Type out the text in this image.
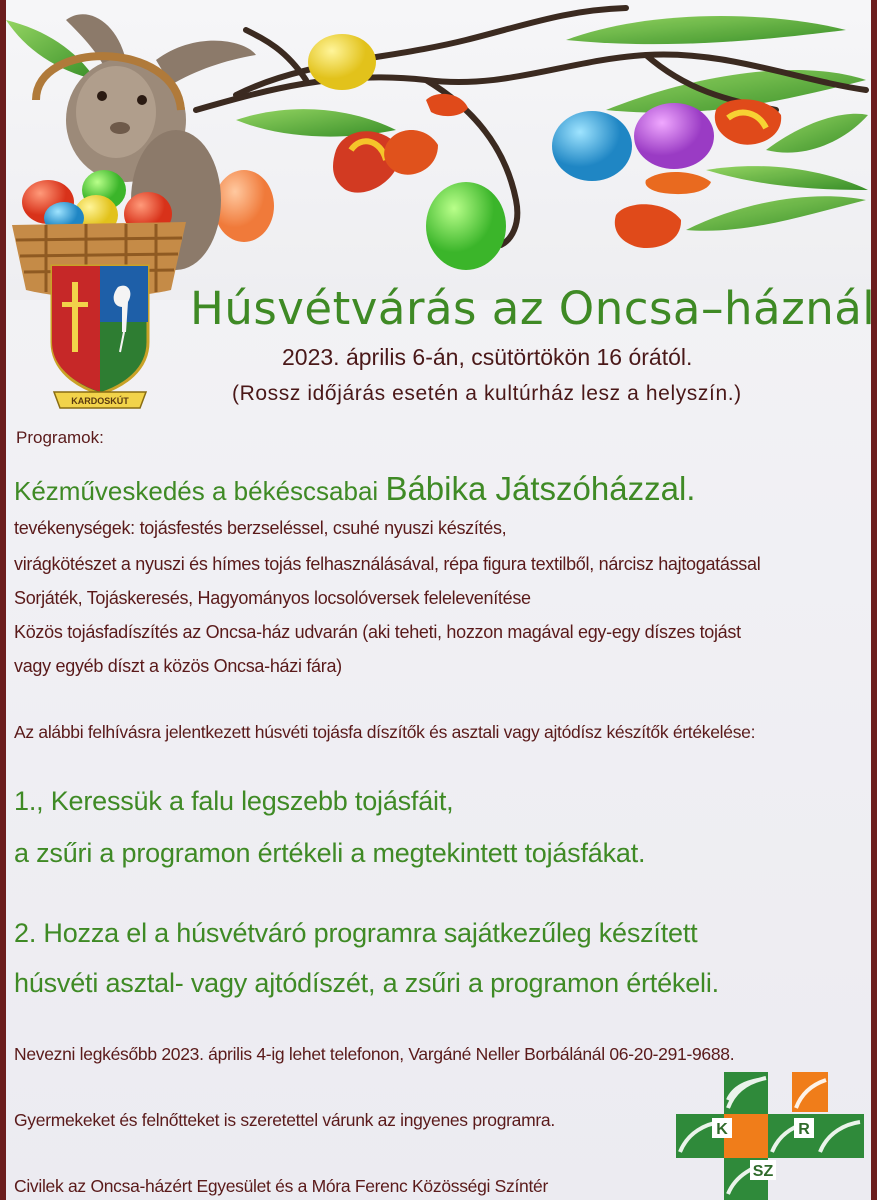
KARDOSKÚT
Húsvétvárás az Oncsa–háznál
2023. április 6-án, csütörtökön 16 órától.
(Rossz időjárás esetén a kultúrház lesz a helyszín.)
Programok:
Kézműveskedés a békéscsabai Bábika Játszóházzal.
tevékenységek: tojásfestés berzseléssel, csuhé nyuszi készítés,
virágkötészet a nyuszi és hímes tojás felhasználásával, répa figura textilből, nárcisz hajtogatással
Sorjáték, Tojáskeresés, Hagyományos locsolóversek felelevenítése
Közös tojásfadíszítés az Oncsa-ház udvarán (aki teheti, hozzon magával egy-egy díszes tojást
vagy egyéb díszt a közös Oncsa-házi fára)
Az alábbi felhívásra jelentkezett húsvéti tojásfa díszítők és asztali vagy ajtódísz készítők értékelése:
1., Keressük a falu legszebb tojásfáit,
a zsűri a programon értékeli a megtekintett tojásfákat.
2. Hozza el a húsvétváró programra sajátkezűleg készített
húsvéti asztal- vagy ajtódíszét, a zsűri a programon értékeli.
Nevezni legkésőbb 2023. április 4-ig lehet telefonon, Vargáné Neller Borbálánál 06-20-291-9688.
Gyermekeket és felnőtteket is szeretettel várunk az ingyenes programra.
Civilek az Oncsa-házért Egyesület és a Móra Ferenc Közösségi Színtér
K	R
SZ
